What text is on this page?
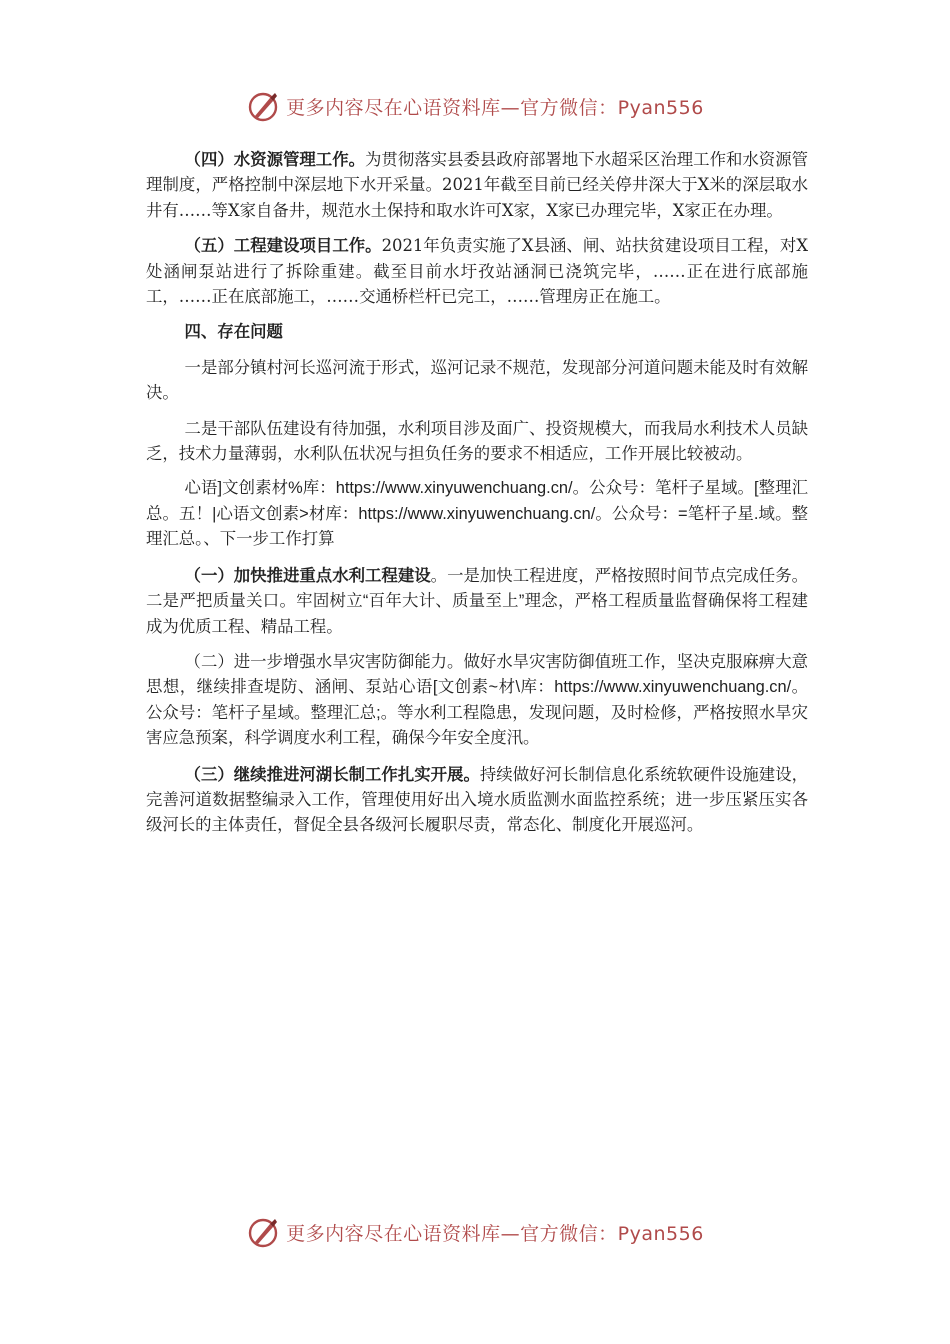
更多内容尽在心语资料库—官方微信：Pyan556

（四）水资源管理工作。为贯彻落实县委县政府部署地下水超采区治理工作和水资源管理制度，严格控制中深层地下水开采量。2021年截至目前已经关停井深大于X米的深层取水井有……等X家自备井，规范水土保持和取水许可X家，X家已办理完毕，X家正在办理。

（五）工程建设项目工作。2021年负责实施了X县涵、闸、站扶贫建设项目工程，对X处涵闸泵站进行了拆除重建。截至目前水圩孜站涵洞已浇筑完毕，……正在进行底部施工，……正在底部施工，……交通桥栏杆已完工，……管理房正在施工。

四、存在问题

一是部分镇村河长巡河流于形式，巡河记录不规范，发现部分河道问题未能及时有效解决。

二是干部队伍建设有待加强，水利项目涉及面广、投资规模大，而我局水利技术人员缺乏，技术力量薄弱，水利队伍状况与担负任务的要求不相适应，工作开展比较被动。

心语]文创素材%库：https://www.xinyuwenchuang.cn/。公众号：笔杆子星域。[整理汇总。五！|心语文创素>材库：https://www.xinyuwenchuang.cn/。公众号：=笔杆子星.域。整理汇总。、下一步工作打算

（一）加快推进重点水利工程建设。一是加快工程进度，严格按照时间节点完成任务。二是严把质量关口。牢固树立“百年大计、质量至上”理念，严格工程质量监督确保将工程建成为优质工程、精品工程。

（二）进一步增强水旱灾害防御能力。做好水旱灾害防御值班工作，坚决克服麻痹大意思想，继续排查堤防、涵闸、泵站心语[文创素~材\库：https://www.xinyuwenchuang.cn/。公众号：笔杆子星域。整理汇总;。等水利工程隐患，发现问题，及时检修，严格按照水旱灾害应急预案，科学调度水利工程，确保今年安全度汛。

（三）继续推进河湖长制工作扎实开展。持续做好河长制信息化系统软硬件设施建设，完善河道数据整编录入工作，管理使用好出入境水质监测水面监控系统；进一步压紧压实各级河长的主体责任，督促全县各级河长履职尽责，常态化、制度化开展巡河。

更多内容尽在心语资料库—官方微信：Pyan556
